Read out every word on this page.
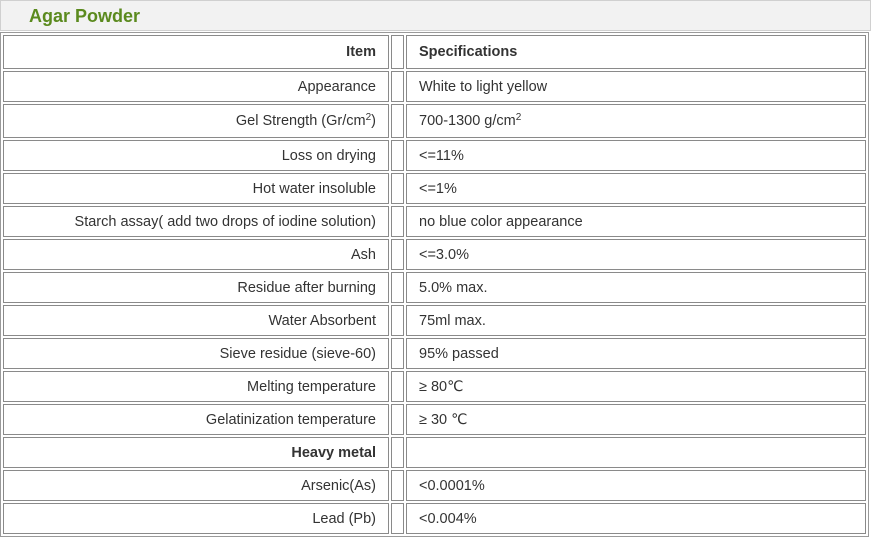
Agar Powder
Item		Specifications
Appearance		White to light yellow
Gel Strength $(Gr/cm^2)$		700-1300 $g/cm^2$
Loss on drying		<=11%
Hot water insoluble		<=1%
Starch assay( add two drops of iodine solution)		no blue color appearance
Ash		<=3.0%
Residue after burning		5.0% max.
Water Absorbent		75ml max.
Sieve residue (sieve-60)		95% passed
Melting temperature		≥ 80℃
Gelatinization temperature		≥ 30 ℃
Heavy metal		
Arsenic(As)		<0.0001%
Lead (Pb)		<0.004%
